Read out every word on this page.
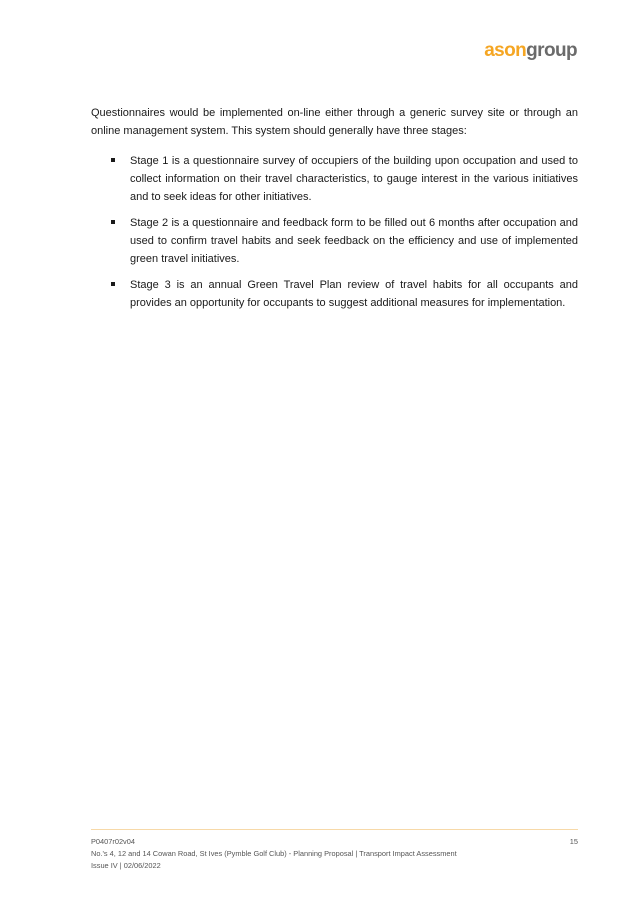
asongroup

Questionnaires would be implemented on-line either through a generic survey site or through an online management system. This system should generally have three stages:

Stage 1 is a questionnaire survey of occupiers of the building upon occupation and used to collect information on their travel characteristics, to gauge interest in the various initiatives and to seek ideas for other initiatives.
Stage 2 is a questionnaire and feedback form to be filled out 6 months after occupation and used to confirm travel habits and seek feedback on the efficiency and use of implemented green travel initiatives.
Stage 3 is an annual Green Travel Plan review of travel habits for all occupants and provides an opportunity for occupants to suggest additional measures for implementation.
P0407r02v04
No.'s 4, 12 and 14 Cowan Road, St Ives (Pymble Golf Club) - Planning Proposal | Transport Impact Assessment
Issue IV | 02/06/2022
15
